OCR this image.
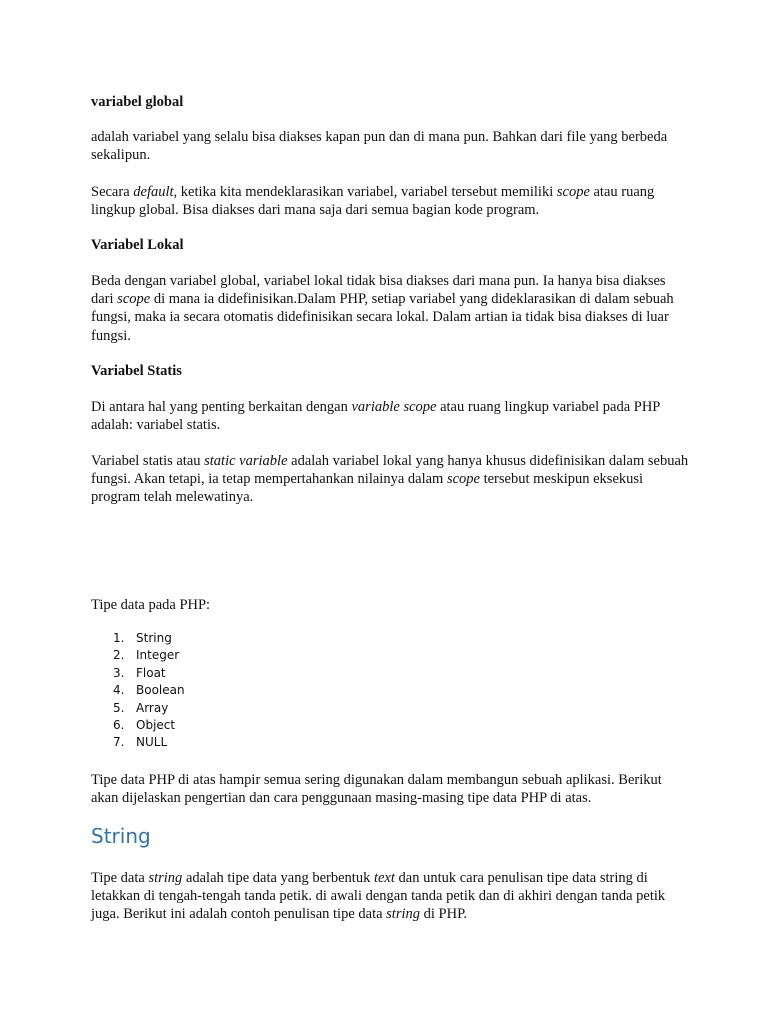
variabel global

adalah variabel yang selalu bisa diakses kapan pun dan di mana pun. Bahkan dari file yang berbeda sekalipun.

Secara default, ketika kita mendeklarasikan variabel, variabel tersebut memiliki scope atau ruang lingkup global. Bisa diakses dari mana saja dari semua bagian kode program.

Variabel Lokal

Beda dengan variabel global, variabel lokal tidak bisa diakses dari mana pun. Ia hanya bisa diakses dari scope di mana ia didefinisikan.Dalam PHP, setiap variabel yang dideklarasikan di dalam sebuah fungsi, maka ia secara otomatis didefinisikan secara lokal. Dalam artian ia tidak bisa diakses di luar fungsi.

Variabel Statis

Di antara hal yang penting berkaitan dengan variable scope atau ruang lingkup variabel pada PHP adalah: variabel statis.

Variabel statis atau static variable adalah variabel lokal yang hanya khusus didefinisikan dalam sebuah fungsi. Akan tetapi, ia tetap mempertahankan nilainya dalam scope tersebut meskipun eksekusi program telah melewatinya.

Tipe data pada PHP:

1. String
2. Integer
3. Float
4. Boolean
5. Array
6. Object
7. NULL

Tipe data PHP di atas hampir semua sering digunakan dalam membangun sebuah aplikasi. Berikut akan dijelaskan pengertian dan cara penggunaan masing-masing tipe data PHP di atas.

String

Tipe data string adalah tipe data yang berbentuk text dan untuk cara penulisan tipe data string di letakkan di tengah-tengah tanda petik. di awali dengan tanda petik dan di akhiri dengan tanda petik juga. Berikut ini adalah contoh penulisan tipe data string di PHP.
